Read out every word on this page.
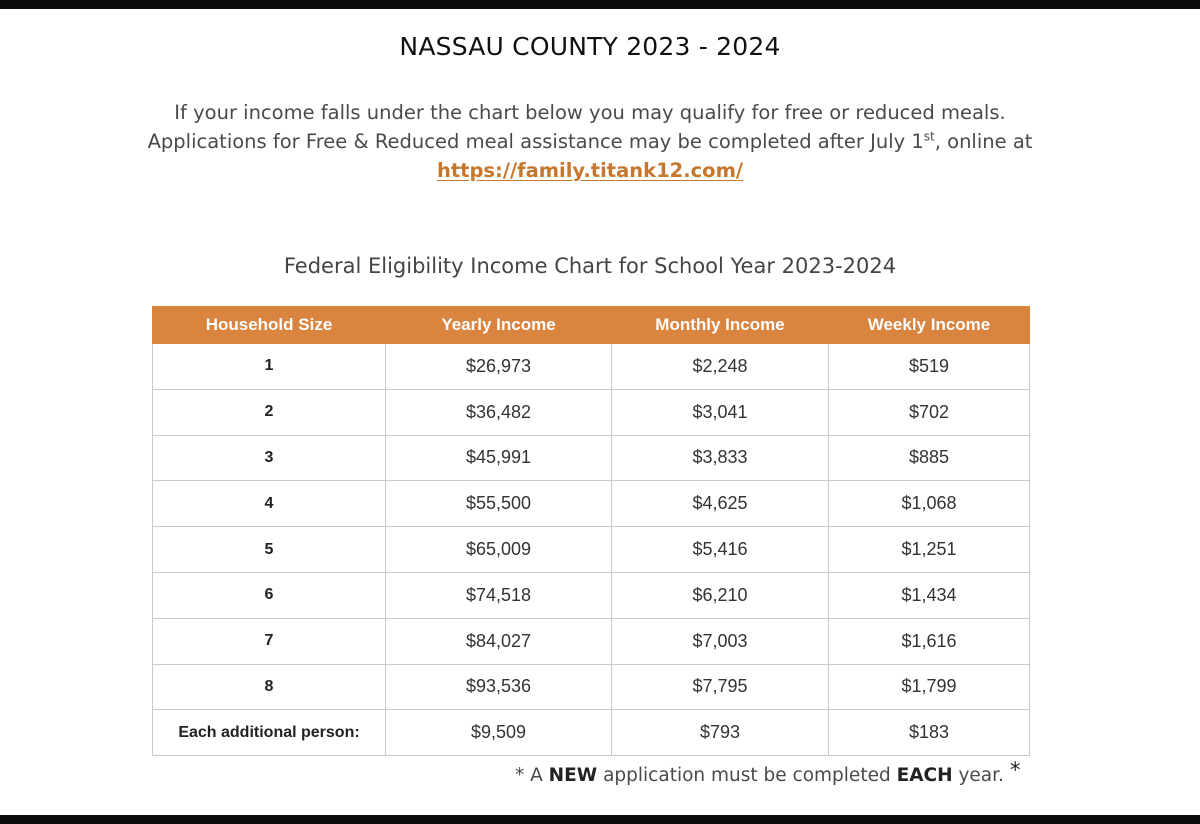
NASSAU COUNTY 2023 - 2024

If your income falls under the chart below you may qualify for free or reduced meals.

Applications for Free & Reduced meal assistance may be completed after July 1st, online at

https://family.titank12.com/

Federal Eligibility Income Chart for School Year 2023-2024
Household Size	Yearly Income	Monthly Income	Weekly Income
1	$26,973	$2,248	$519
2	$36,482	$3,041	$702
3	$45,991	$3,833	$885
4	$55,500	$4,625	$1,068
5	$65,009	$5,416	$1,251
6	$74,518	$6,210	$1,434
7	$84,027	$7,003	$1,616
8	$93,536	$7,795	$1,799
Each additional person:	$9,509	$793	$183
* A NEW application must be completed EACH year. *
